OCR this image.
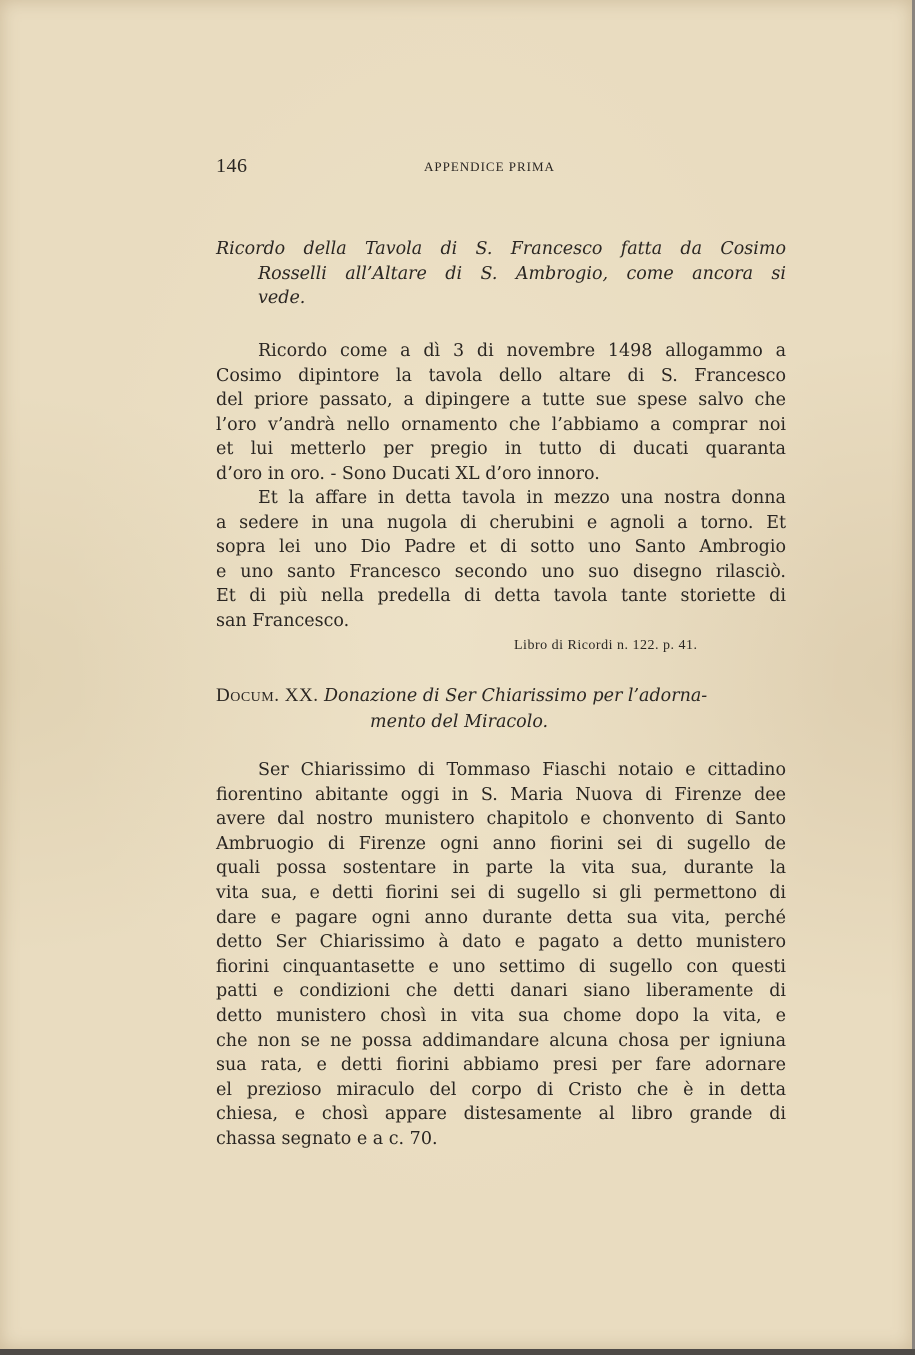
146	APPENDICE PRIMA
Ricordo della Tavola di S. Francesco fatta da Cosimo
Rosselli all’Altare di S. Ambrogio, come ancora si
vede.
Ricordo come a dì 3 di novembre 1498 allogammo a
Cosimo dipintore la tavola dello altare di S. Francesco
del priore passato, a dipingere a tutte sue spese salvo che
l’oro v’andrà nello ornamento che l’abbiamo a comprar noi
et lui metterlo per pregio in tutto di ducati quaranta
d’oro in oro. - Sono Ducati XL d’oro innoro.
Et la affare in detta tavola in mezzo una nostra donna
a sedere in una nugola di cherubini e agnoli a torno. Et
sopra lei uno Dio Padre et di sotto uno Santo Ambrogio
e uno santo Francesco secondo uno suo disegno rilasciò.
Et di più nella predella di detta tavola tante storiette di
san Francesco.
Libro di Ricordi n. 122. p. 41.
DOCUM. XX. Donazione di Ser Chiarissimo per l’adorna-
mento del Miracolo.
Ser Chiarissimo di Tommaso Fiaschi notaio e cittadino
fiorentino abitante oggi in S. Maria Nuova di Firenze dee
avere dal nostro munistero chapitolo e chonvento di Santo
Ambruogio di Firenze ogni anno fiorini sei di sugello de
quali possa sostentare in parte la vita sua, durante la
vita sua, e detti fiorini sei di sugello si gli permettono di
dare e pagare ogni anno durante detta sua vita, perché
detto Ser Chiarissimo à dato e pagato a detto munistero
fiorini cinquantasette e uno settimo di sugello con questi
patti e condizioni che detti danari siano liberamente di
detto munistero chosì in vita sua chome dopo la vita, e
che non se ne possa addimandare alcuna chosa per igniuna
sua rata, e detti fiorini abbiamo presi per fare adornare
el prezioso miraculo del corpo di Cristo che è in detta
chiesa, e chosì appare distesamente al libro grande di
chassa segnato e a c. 70.
